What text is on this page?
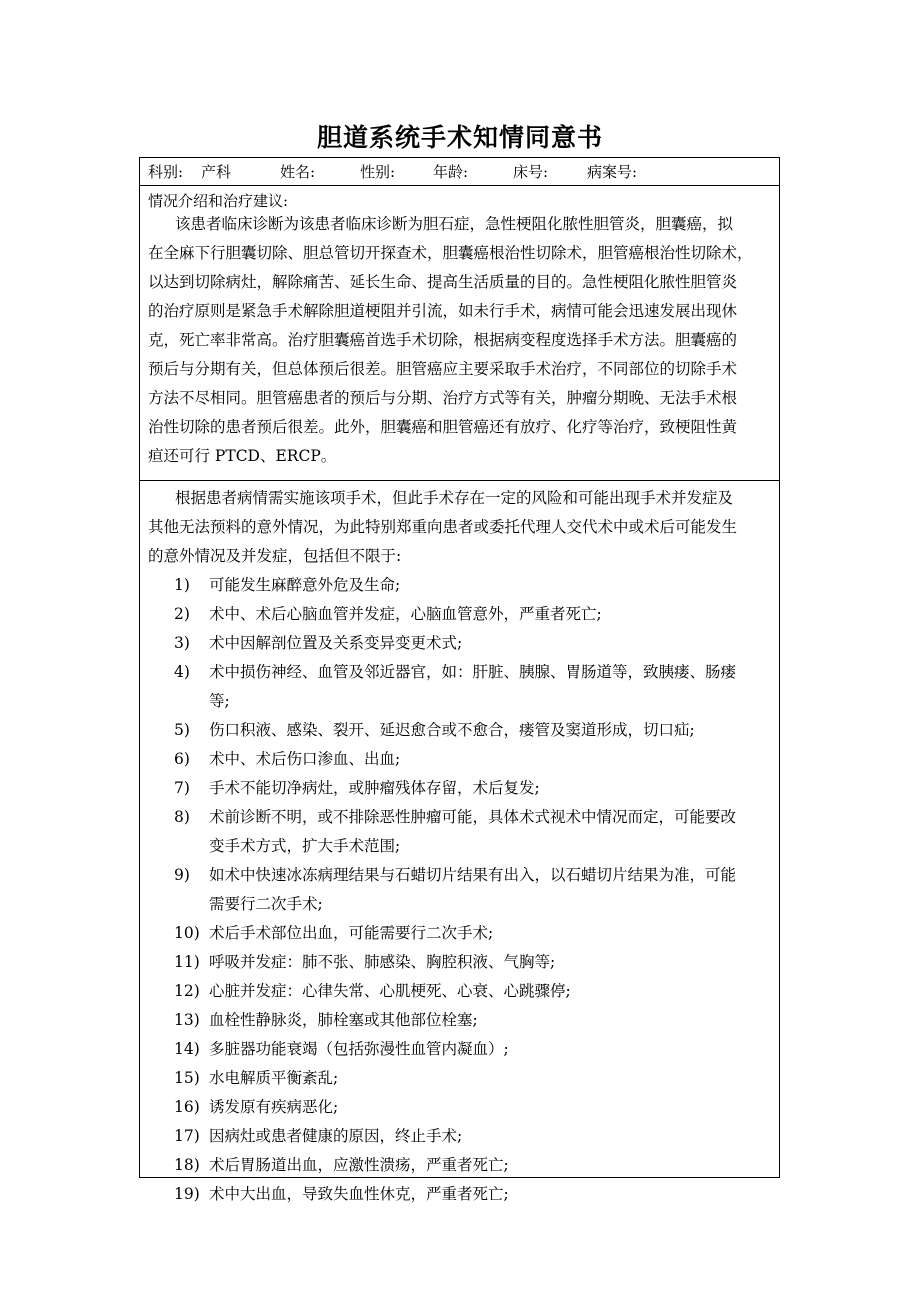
胆道系统手术知情同意书
科别: 产科	姓名:	性别:	年龄:	床号:	病案号:
情况介绍和治疗建议:
该患者临床诊断为该患者临床诊断为胆石症，急性梗阻化脓性胆管炎，胆囊癌，拟
在全麻下行胆囊切除、胆总管切开探查术，胆囊癌根治性切除术，胆管癌根治性切除术，
以达到切除病灶，解除痛苦、延长生命、提高生活质量的目的。急性梗阻化脓性胆管炎
的治疗原则是紧急手术解除胆道梗阻并引流，如未行手术，病情可能会迅速发展出现休
克，死亡率非常高。治疗胆囊癌首选手术切除，根据病变程度选择手术方法。胆囊癌的
预后与分期有关，但总体预后很差。胆管癌应主要采取手术治疗，不同部位的切除手术
方法不尽相同。胆管癌患者的预后与分期、治疗方式等有关，肿瘤分期晚、无法手术根
治性切除的患者预后很差。此外，胆囊癌和胆管癌还有放疗、化疗等治疗，致梗阻性黄
疸还可行 PTCD、ERCP。
根据患者病情需实施该项手术，但此手术存在一定的风险和可能出现手术并发症及
其他无法预料的意外情况，为此特别郑重向患者或委托代理人交代术中或术后可能发生
的意外情况及并发症，包括但不限于:
1)	可能发生麻醉意外危及生命;
2)	术中、术后心脑血管并发症，心脑血管意外，严重者死亡;
3)	术中因解剖位置及关系变异变更术式;
4)	术中损伤神经、血管及邻近器官，如：肝脏、胰腺、胃肠道等，致胰瘘、肠瘘
等;
5)	伤口积液、感染、裂开、延迟愈合或不愈合，瘘管及窦道形成，切口疝;
6)	术中、术后伤口渗血、出血;
7)	手术不能切净病灶，或肿瘤残体存留，术后复发;
8)	术前诊断不明，或不排除恶性肿瘤可能，具体术式视术中情况而定，可能要改
变手术方式，扩大手术范围;
9)	如术中快速冰冻病理结果与石蜡切片结果有出入，以石蜡切片结果为准，可能
需要行二次手术;
10) 术后手术部位出血，可能需要行二次手术;
11) 呼吸并发症：肺不张、肺感染、胸腔积液、气胸等;
12) 心脏并发症：心律失常、心肌梗死、心衰、心跳骤停;
13) 血栓性静脉炎，肺栓塞或其他部位栓塞;
14) 多脏器功能衰竭（包括弥漫性血管内凝血）;
15) 水电解质平衡紊乱;
16) 诱发原有疾病恶化;
17) 因病灶或患者健康的原因，终止手术;
18) 术后胃肠道出血，应激性溃疡，严重者死亡;
19) 术中大出血，导致失血性休克，严重者死亡;
